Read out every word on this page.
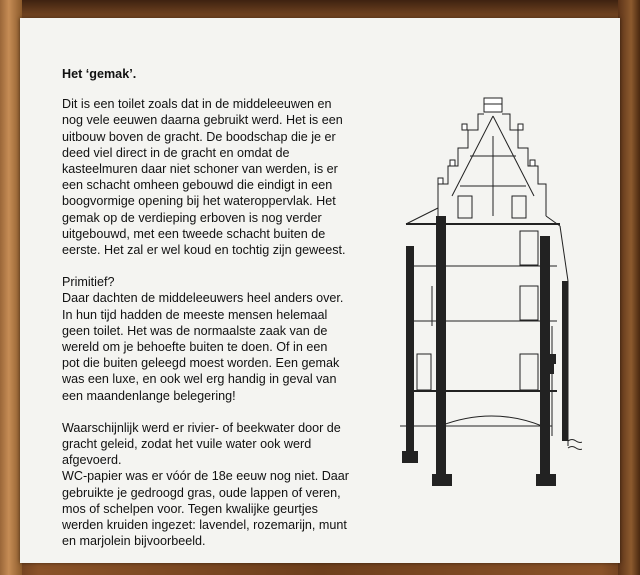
Het ‘gemak’.
Dit is een toilet zoals dat in de middeleeuwen en
nog vele eeuwen daarna gebruikt werd. Het is een
uitbouw boven de gracht. De boodschap die je er
deed viel direct in de gracht en omdat de
kasteelmuren daar niet schoner van werden, is er
een schacht omheen gebouwd die eindigt in een
boogvormige opening bij het wateroppervlak. Het
gemak op de verdieping erboven is nog verder
uitgebouwd, met een tweede schacht buiten de
eerste. Het zal er wel koud en tochtig zijn geweest.
Primitief?
Daar dachten de middeleeuwers heel anders over.
In hun tijd hadden de meeste mensen helemaal
geen toilet. Het was de normaalste zaak van de
wereld om je behoefte buiten te doen. Of in een
pot die buiten geleegd moest worden. Een gemak
was een luxe, en ook wel erg handig in geval van
een maandenlange belegering!
Waarschijnlijk werd er rivier- of beekwater door de
gracht geleid, zodat het vuile water ook werd
afgevoerd.
WC-papier was er vóór de 18e eeuw nog niet. Daar
gebruikte je gedroogd gras, oude lappen of veren,
mos of schelpen voor. Tegen kwalijke geurtjes
werden kruiden ingezet: lavendel, rozemarijn, munt
en marjolein bijvoorbeeld.
